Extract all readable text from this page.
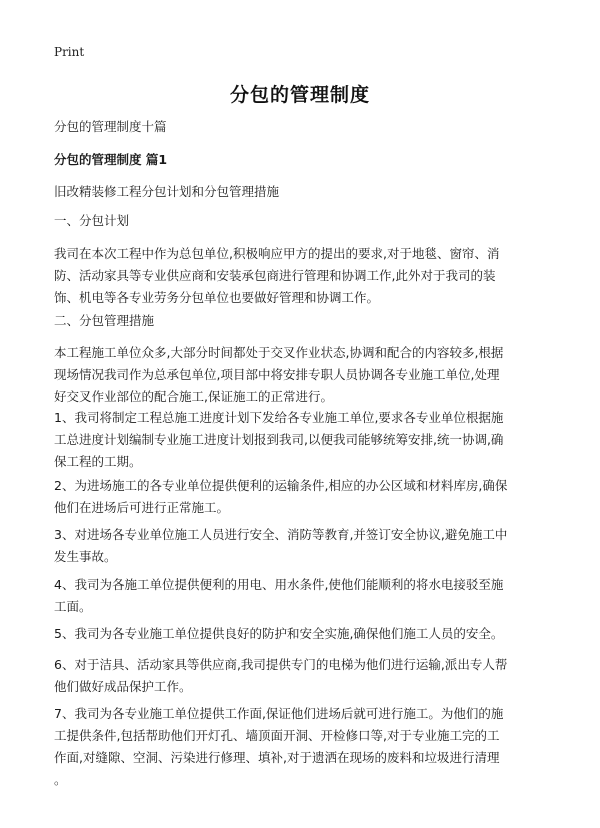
Print
分包的管理制度
分包的管理制度十篇
分包的管理制度 篇1
旧改精装修工程分包计划和分包管理措施
一、分包计划
我司在本次工程中作为总包单位,积极响应甲方的提出的要求,对于地毯、窗帘、消
防、活动家具等专业供应商和安装承包商进行管理和协调工作,此外对于我司的装
饰、机电等各专业劳务分包单位也要做好管理和协调工作。
二、分包管理措施
本工程施工单位众多,大部分时间都处于交叉作业状态,协调和配合的内容较多,根据
现场情况我司作为总承包单位,项目部中将安排专职人员协调各专业施工单位,处理
好交叉作业部位的配合施工,保证施工的正常进行。
1、我司将制定工程总施工进度计划下发给各专业施工单位,要求各专业单位根据施
工总进度计划编制专业施工进度计划报到我司,以便我司能够统筹安排,统一协调,确
保工程的工期。
2、为进场施工的各专业单位提供便利的运输条件,相应的办公区域和材料库房,确保
他们在进场后可进行正常施工。
3、对进场各专业单位施工人员进行安全、消防等教育,并签订安全协议,避免施工中
发生事故。
4、我司为各施工单位提供便利的用电、用水条件,使他们能顺利的将水电接驳至施
工面。
5、我司为各专业施工单位提供良好的防护和安全实施,确保他们施工人员的安全。
6、对于洁具、活动家具等供应商,我司提供专门的电梯为他们进行运输,派出专人帮
他们做好成品保护工作。
7、我司为各专业施工单位提供工作面,保证他们进场后就可进行施工。为他们的施
工提供条件,包括帮助他们开灯孔、墙顶面开洞、开检修口等,对于专业施工完的工
作面,对缝隙、空洞、污染进行修理、填补,对于遗洒在现场的废料和垃圾进行清理
。
